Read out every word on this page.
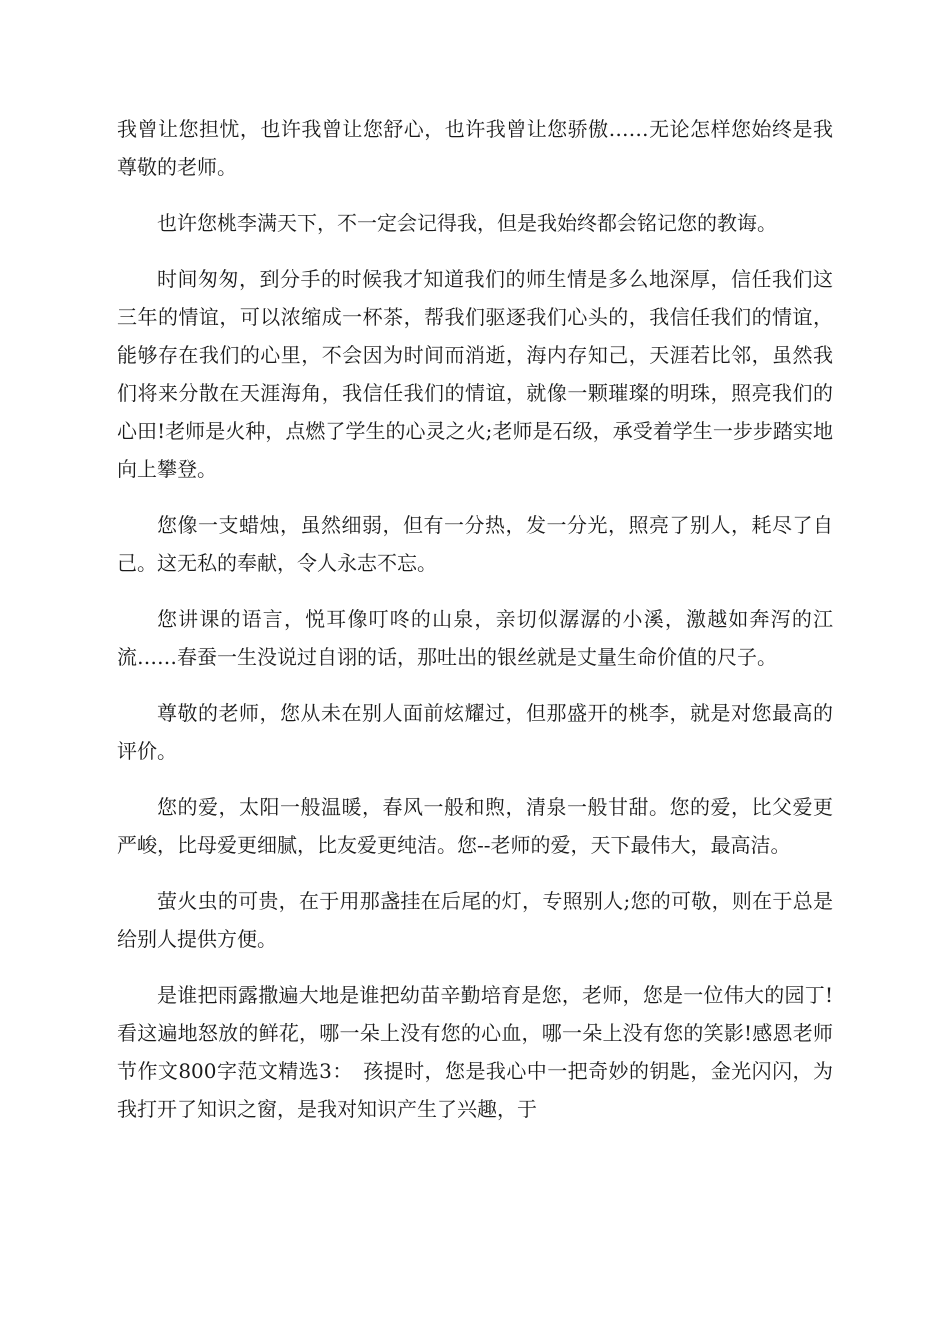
我曾让您担忧，也许我曾让您舒心，也许我曾让您骄傲……无论怎样您始终是我尊敬的老师。

也许您桃李满天下，不一定会记得我，但是我始终都会铭记您的教诲。

时间匆匆，到分手的时候我才知道我们的师生情是多么地深厚，信任我们这三年的情谊，可以浓缩成一杯茶，帮我们驱逐我们心头的，我信任我们的情谊，能够存在我们的心里，不会因为时间而消逝，海内存知己，天涯若比邻，虽然我们将来分散在天涯海角，我信任我们的情谊，就像一颗璀璨的明珠，照亮我们的心田!老师是火种，点燃了学生的心灵之火;老师是石级，承受着学生一步步踏实地向上攀登。

您像一支蜡烛，虽然细弱，但有一分热，发一分光，照亮了别人，耗尽了自己。这无私的奉献，令人永志不忘。

您讲课的语言，悦耳像叮咚的山泉，亲切似潺潺的小溪，激越如奔泻的江流……春蚕一生没说过自诩的话，那吐出的银丝就是丈量生命价值的尺子。

尊敬的老师，您从未在别人面前炫耀过，但那盛开的桃李，就是对您最高的评价。

您的爱，太阳一般温暖，春风一般和煦，清泉一般甘甜。您的爱，比父爱更严峻，比母爱更细腻，比友爱更纯洁。您--老师的爱，天下最伟大，最高洁。

萤火虫的可贵，在于用那盏挂在后尾的灯，专照别人;您的可敬，则在于总是给别人提供方便。

是谁把雨露撒遍大地是谁把幼苗辛勤培育是您，老师，您是一位伟大的园丁!看这遍地怒放的鲜花，哪一朵上没有您的心血，哪一朵上没有您的笑影!感恩老师节作文800字范文精选3：　孩提时，您是我心中一把奇妙的钥匙，金光闪闪，为我打开了知识之窗，是我对知识产生了兴趣，于
